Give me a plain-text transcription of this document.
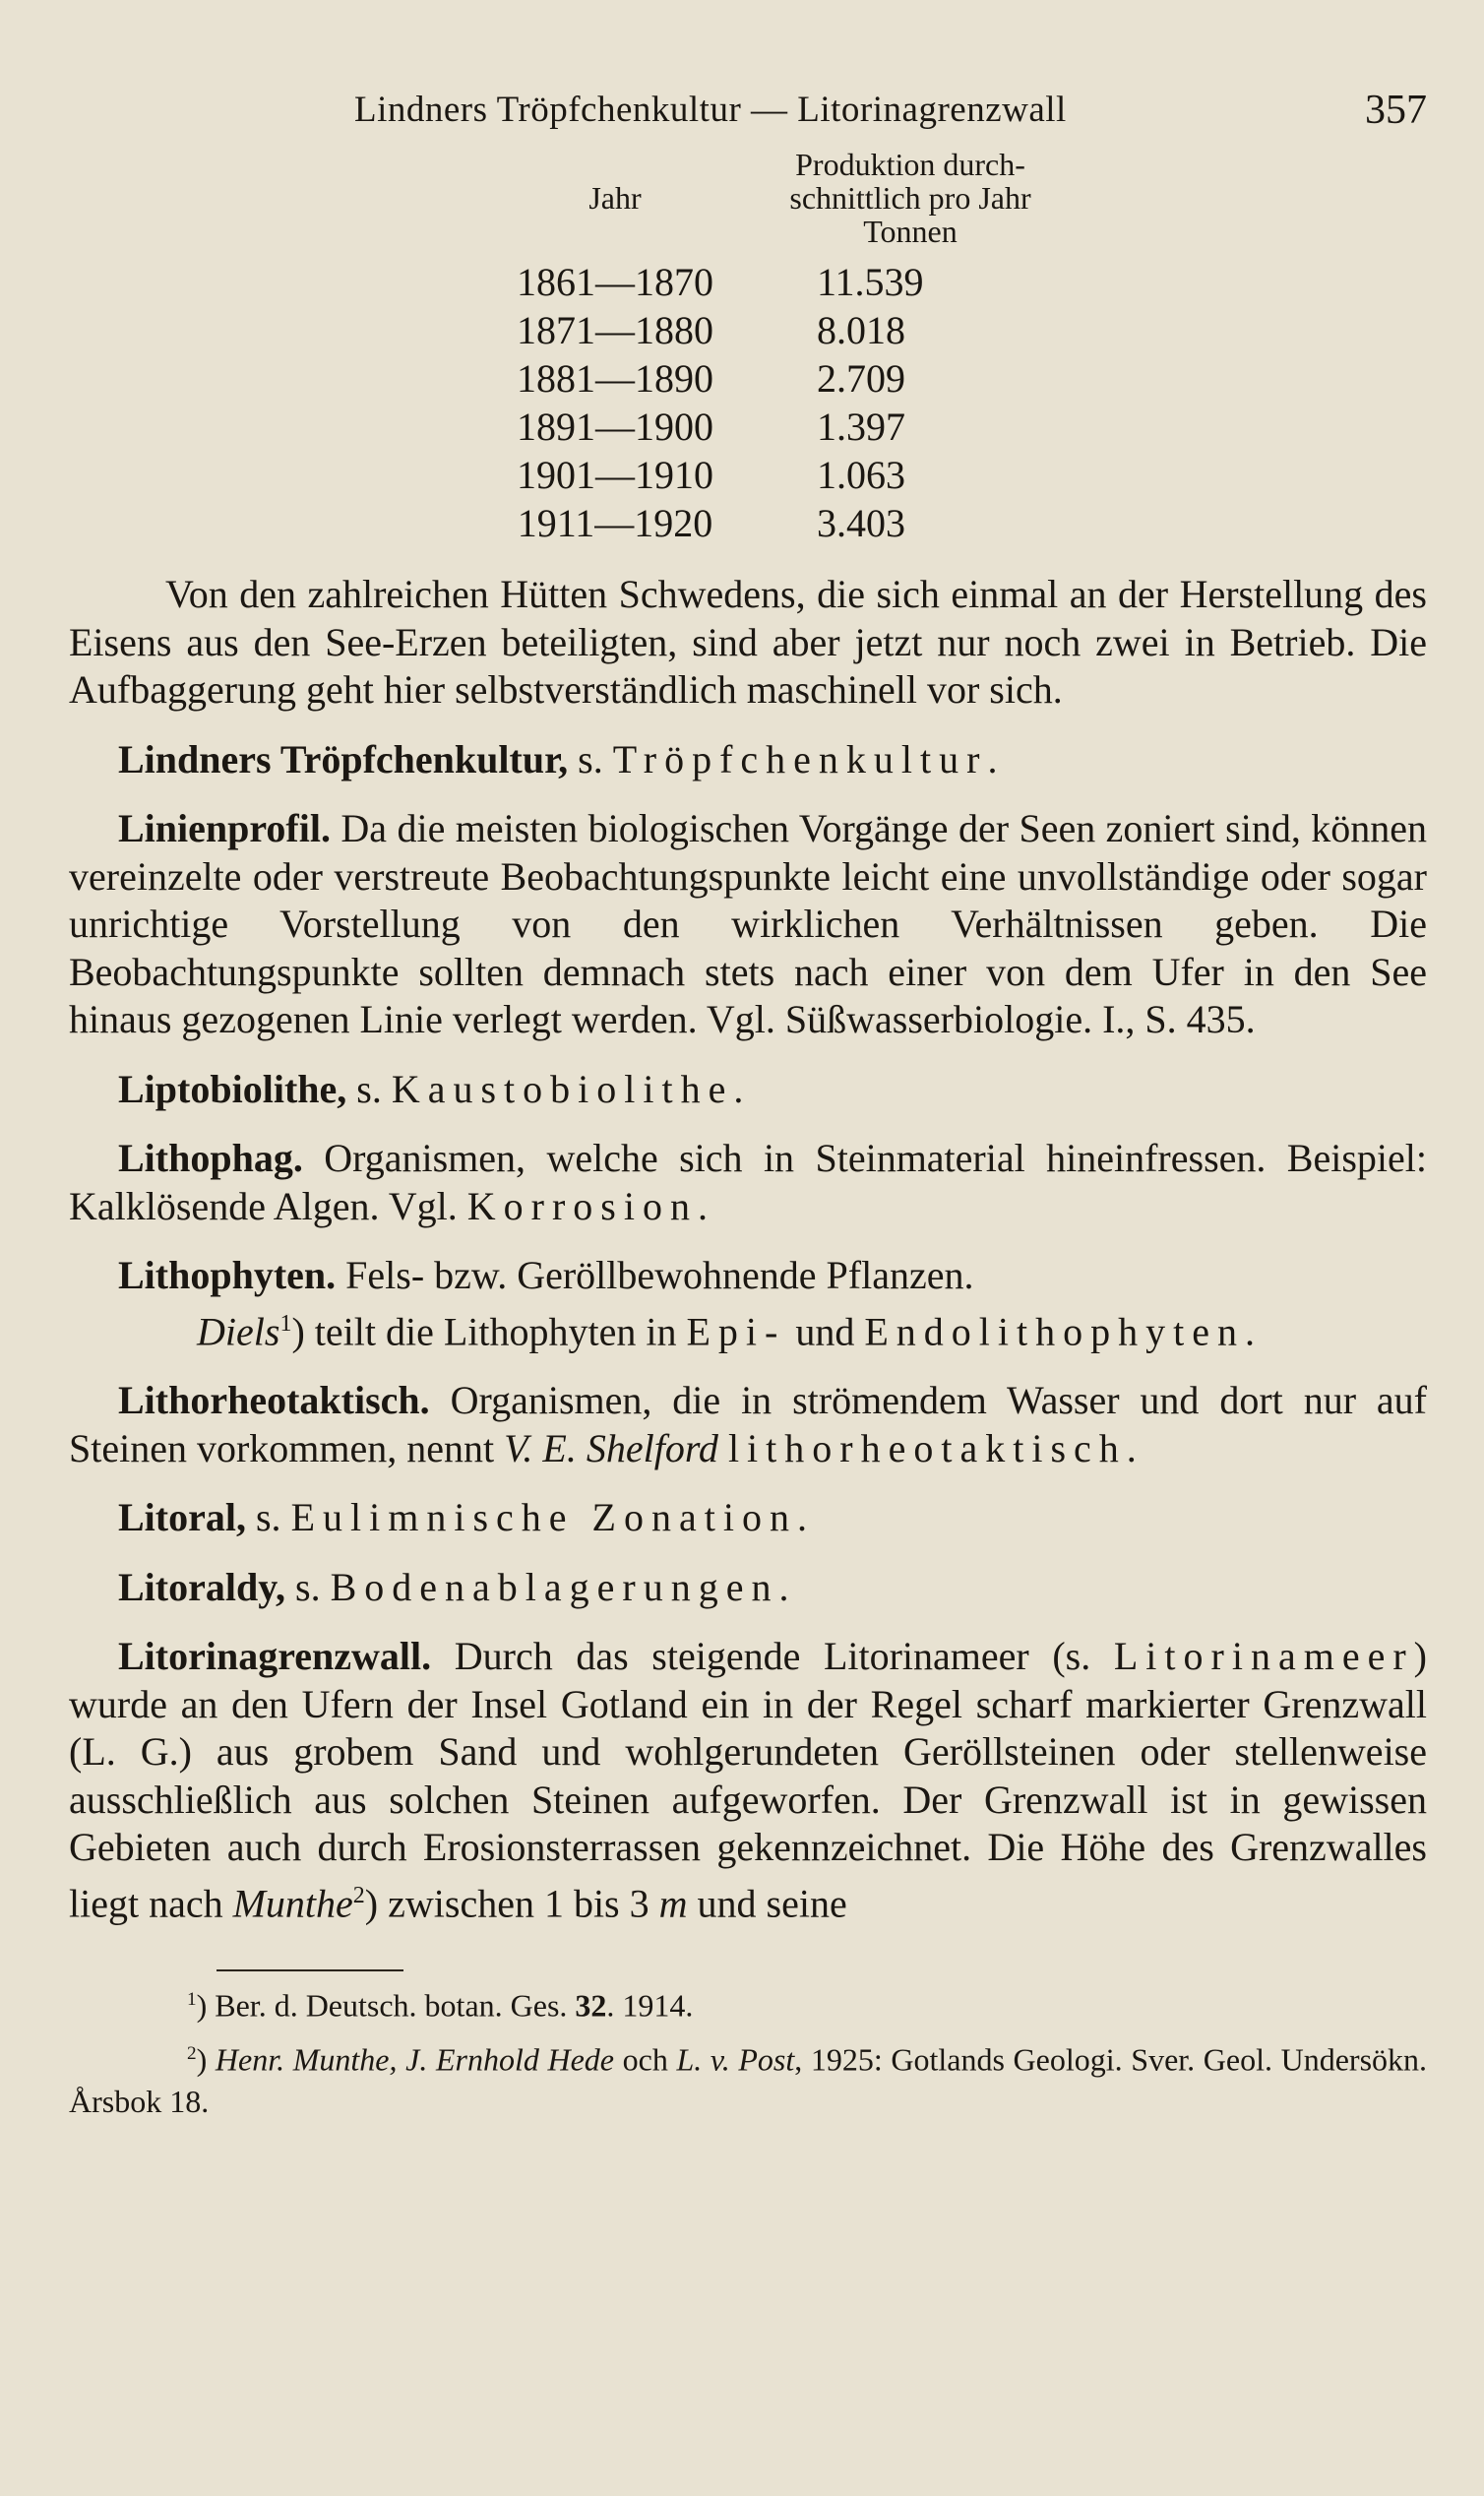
Lindners Tröpfchenkultur — Litorinagrenzwall	357
Jahr	Produktion durch-
schnittlich pro Jahr
Tonnen
1861—1870	11.539
1871—1880	8.018
1881—1890	2.709
1891—1900	1.397
1901—1910	1.063
1911—1920	3.403

Von den zahlreichen Hütten Schwedens, die sich einmal an der Herstellung des Eisens aus den See-Erzen beteiligten, sind aber jetzt nur noch zwei in Betrieb. Die Aufbaggerung geht hier selbstverständlich maschinell vor sich.

Lindners Tröpfchenkultur, s. Tröpfchenkultur.

Linienprofil. Da die meisten biologischen Vorgänge der Seen zoniert sind, können vereinzelte oder verstreute Beobachtungspunkte leicht eine unvollständige oder sogar unrichtige Vorstellung von den wirklichen Verhältnissen geben. Die Beobachtungspunkte sollten demnach stets nach einer von dem Ufer in den See hinaus gezogenen Linie verlegt werden. Vgl. Süßwasserbiologie. I., S. 435.

Liptobiolithe, s. Kaustobiolithe.

Lithophag. Organismen, welche sich in Steinmaterial hineinfressen. Beispiel: Kalklösende Algen. Vgl. Korrosion.

Lithophyten. Fels- bzw. Geröllbewohnende Pflanzen.

Diels$^1$) teilt die Lithophyten in Epi- und Endolithophyten.

Lithorheotaktisch. Organismen, die in strömendem Wasser und dort nur auf Steinen vorkommen, nennt V. E. Shelford lithorheotaktisch.

Litoral, s. Eulimnische Zonation.

Litoraldy, s. Bodenablagerungen.

Litorinagrenzwall. Durch das steigende Litorinameer (s. Litorinameer) wurde an den Ufern der Insel Gotland ein in der Regel scharf markierter Grenzwall (L. G.) aus grobem Sand und wohlgerundeten Geröllsteinen oder stellenweise ausschließlich aus solchen Steinen aufgeworfen. Der Grenzwall ist in gewissen Gebieten auch durch Erosionsterrassen gekennzeichnet. Die Höhe des Grenzwalles liegt nach Munthe$^2$) zwischen 1 bis 3 m und seine

$^1$) Ber. d. Deutsch. botan. Ges. 32. 1914.

$^2$) Henr. Munthe, J. Ernhold Hede och L. v. Post, 1925: Gotlands Geologi. Sver. Geol. Undersökn. Årsbok 18.
